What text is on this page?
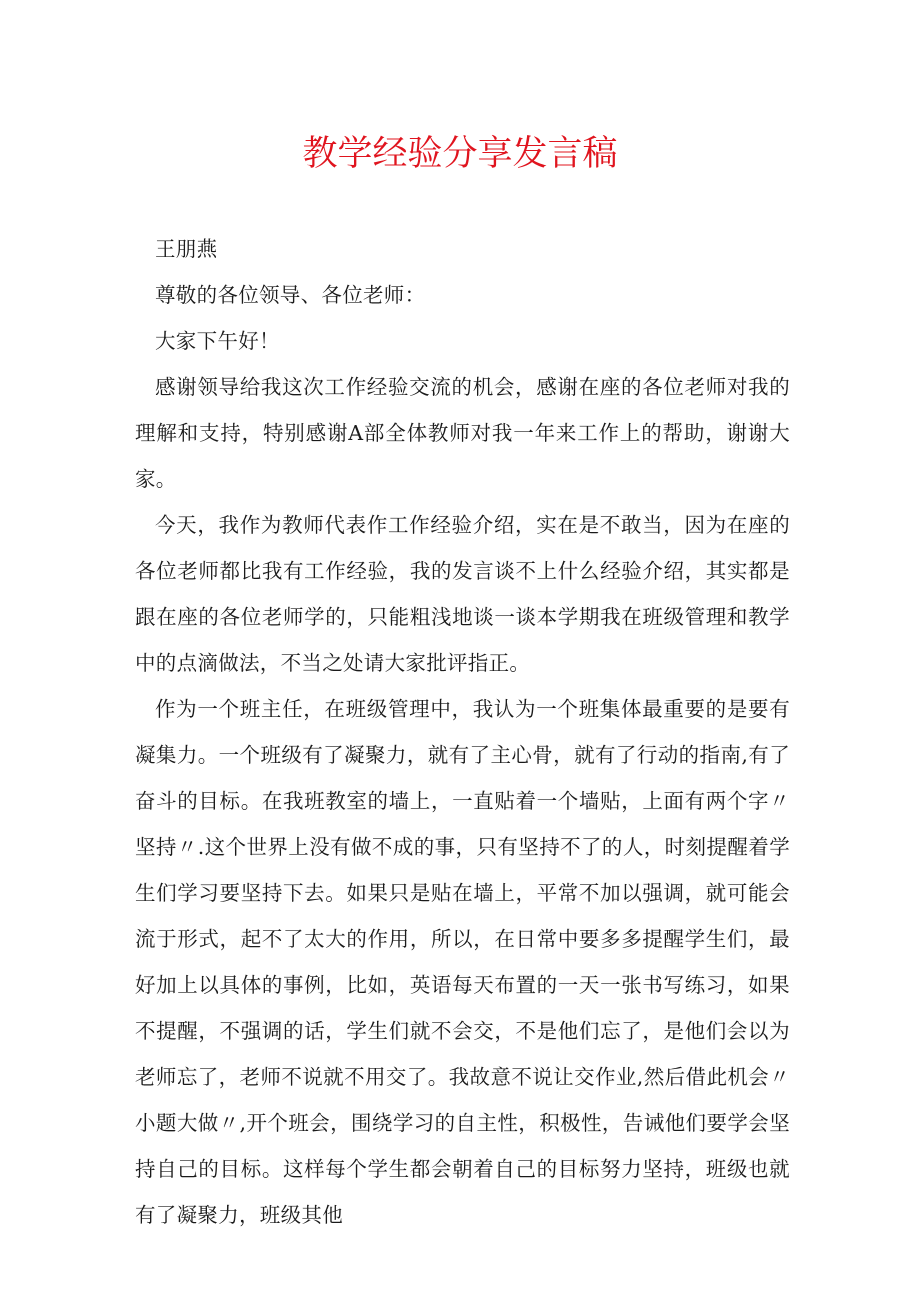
教学经验分享发言稿

王朋燕

尊敬的各位领导、各位老师：

大家下午好！

感谢领导给我这次工作经验交流的机会，感谢在座的各位老师对我的理解和支持，特别感谢A部全体教师对我一年来工作上的帮助，谢谢大家。

今天，我作为教师代表作工作经验介绍，实在是不敢当，因为在座的各位老师都比我有工作经验，我的发言谈不上什么经验介绍，其实都是跟在座的各位老师学的，只能粗浅地谈一谈本学期我在班级管理和教学中的点滴做法，不当之处请大家批评指正。

作为一个班主任，在班级管理中，我认为一个班集体最重要的是要有凝集力。一个班级有了凝聚力，就有了主心骨，就有了行动的指南,有了奋斗的目标。在我班教室的墙上，一直贴着一个墙贴，上面有两个字〃坚持〃.这个世界上没有做不成的事，只有坚持不了的人，时刻提醒着学生们学习要坚持下去。如果只是贴在墙上，平常不加以强调，就可能会流于形式，起不了太大的作用，所以，在日常中要多多提醒学生们，最好加上以具体的事例，比如，英语每天布置的一天一张书写练习，如果不提醒，不强调的话，学生们就不会交，不是他们忘了，是他们会以为老师忘了，老师不说就不用交了。我故意不说让交作业,然后借此机会〃小题大做〃,开个班会，围绕学习的自主性，积极性，告诫他们要学会坚持自己的目标。这样每个学生都会朝着自己的目标努力坚持，班级也就有了凝聚力，班级其他
